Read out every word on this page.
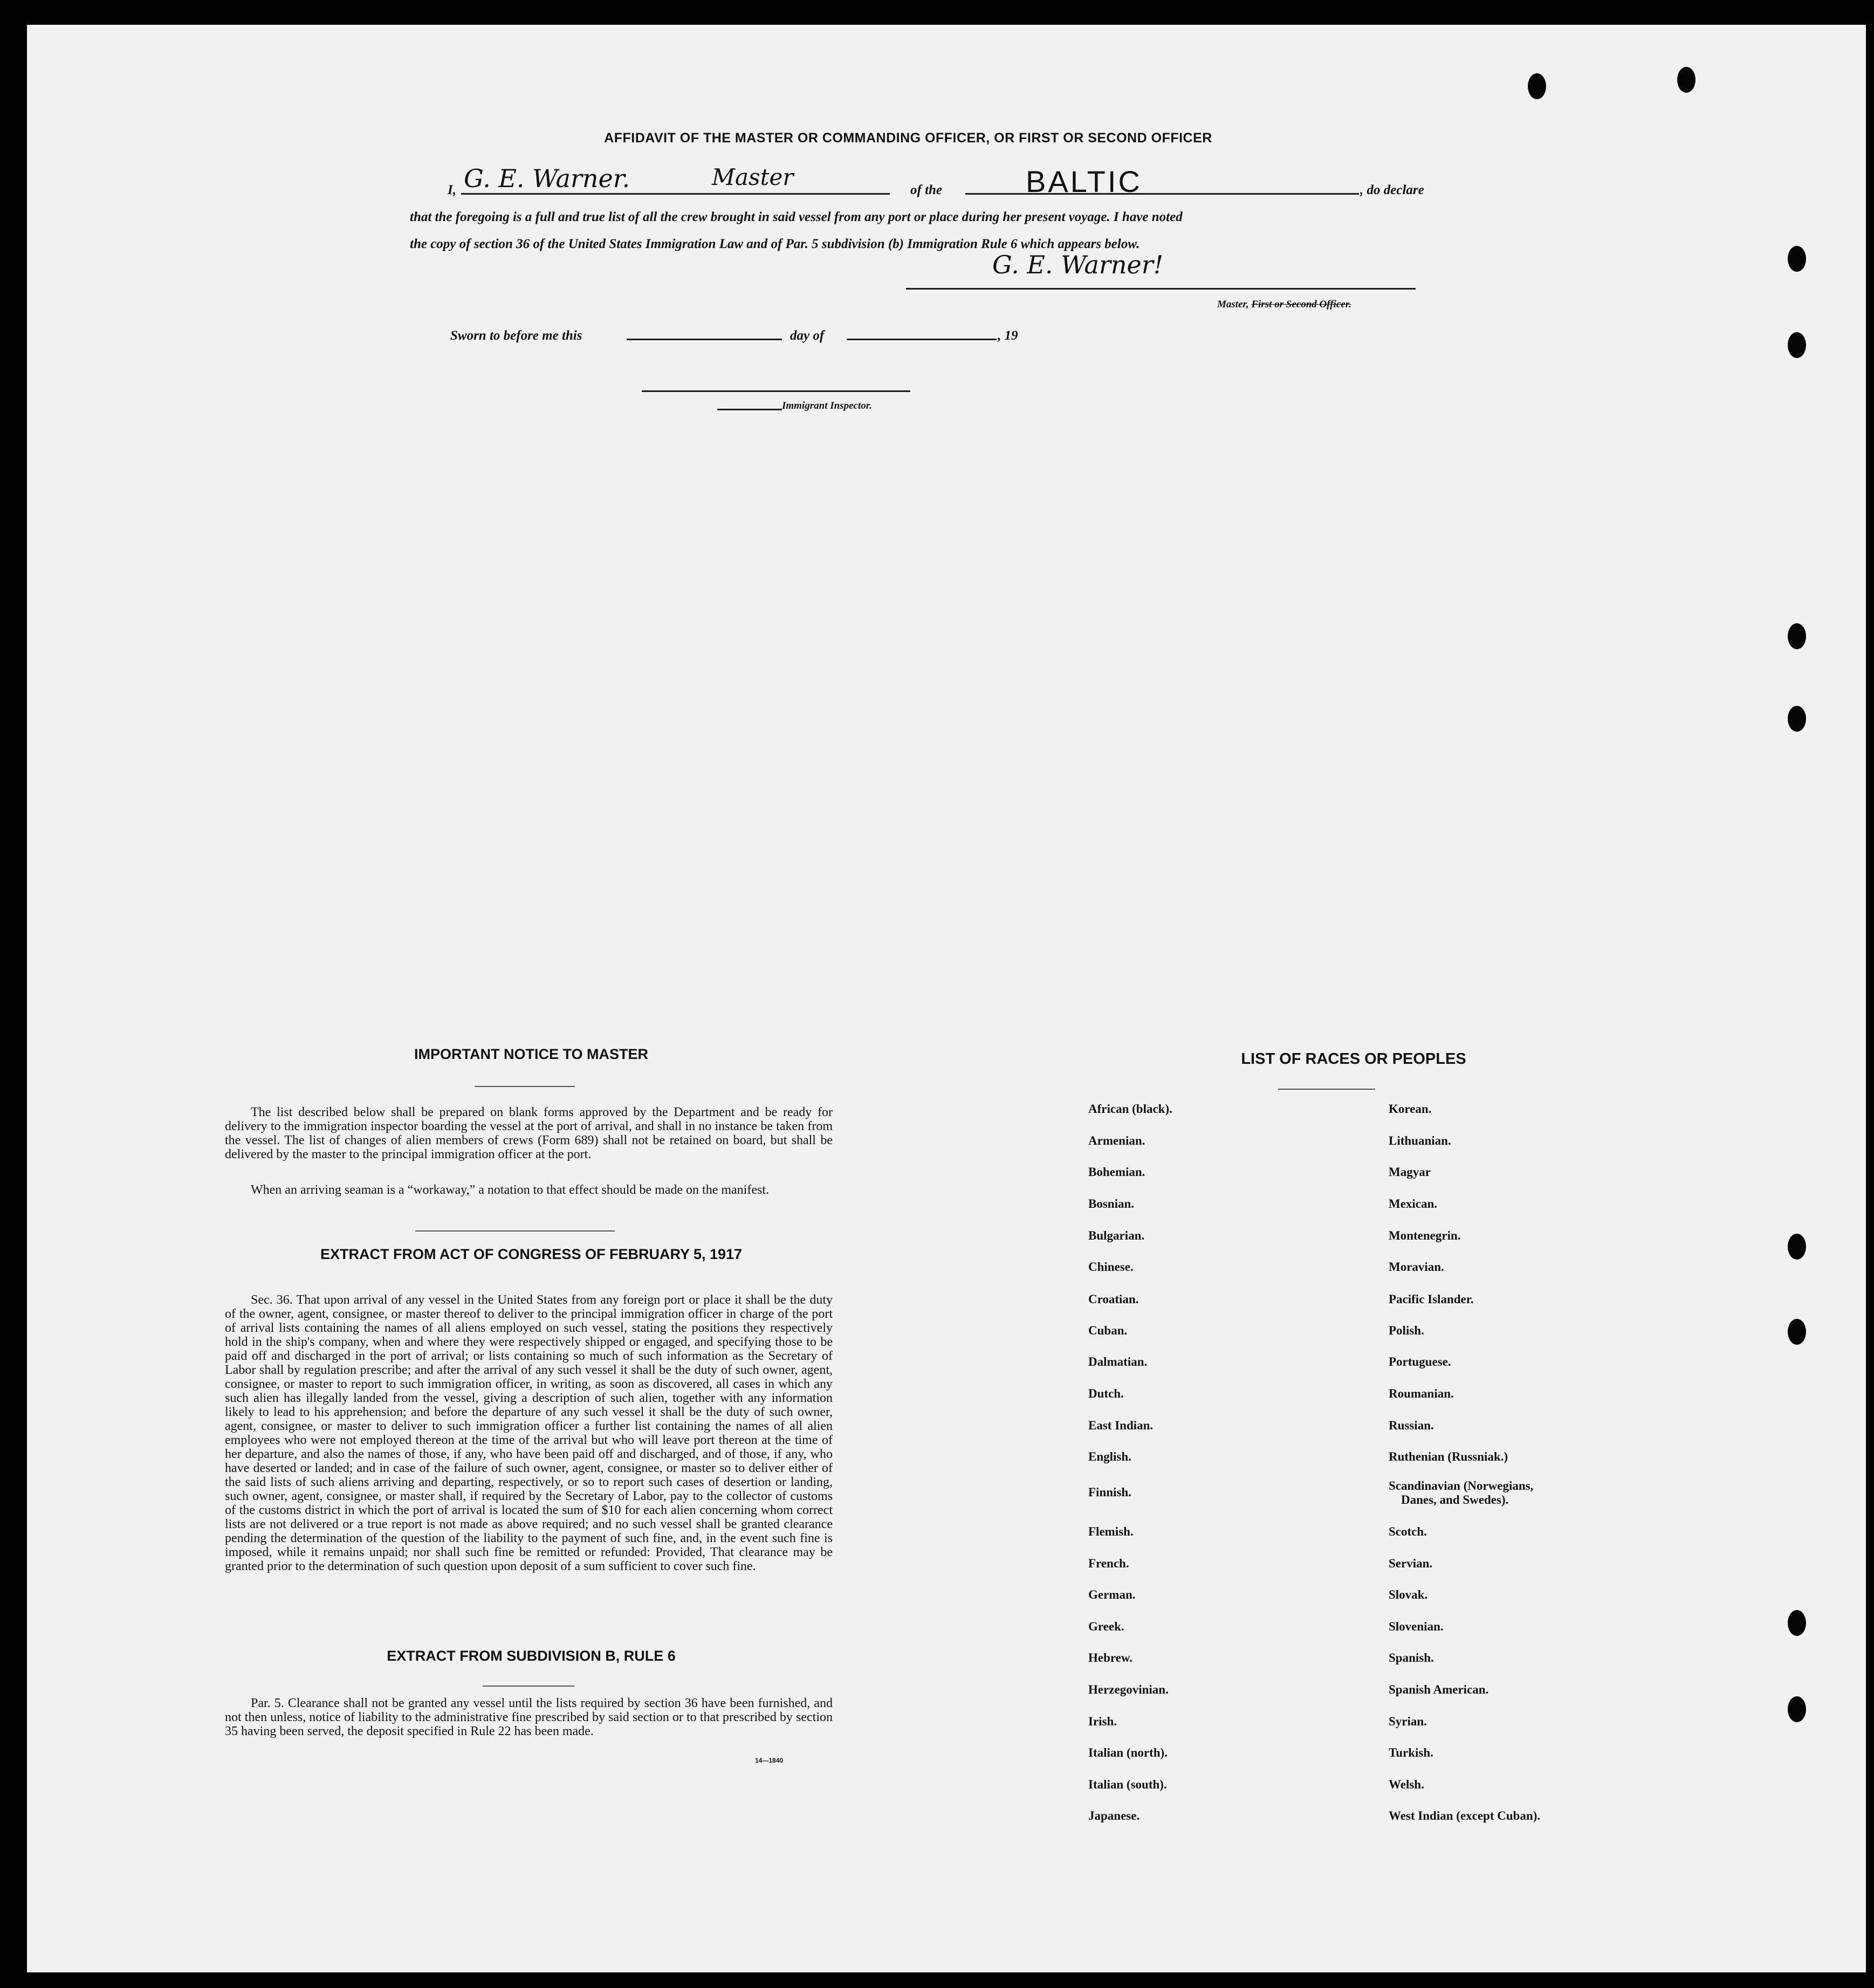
AFFIDAVIT OF THE MASTER OR COMMANDING OFFICER, OR FIRST OR SECOND OFFICER
I, G. E. Warner.	Master	of the	BALTIC	, do declare
that the foregoing is a full and true list of all the crew brought in said vessel from any port or place during her present voyage. I have noted
the copy of section 36 of the United States Immigration Law and of Par. 5 subdivision (b) Immigration Rule 6 which appears below.
G. E. Warner!
Master, First or Second Officer.
Sworn to before me this	day of	, 19
Immigrant Inspector.
IMPORTANT NOTICE TO MASTER
The list described below shall be prepared on blank forms approved by the Department and be ready for delivery to the immigration inspector boarding the vessel at the port of arrival, and shall in no instance be taken from the vessel. The list of changes of alien members of crews (Form 689) shall not be retained on board, but shall be delivered by the master to the principal immigration officer at the port.
When an arriving seaman is a “workaway,” a notation to that effect should be made on the manifest.
EXTRACT FROM ACT OF CONGRESS OF FEBRUARY 5, 1917
Sec. 36. That upon arrival of any vessel in the United States from any foreign port or place it shall be the duty of the owner, agent, consignee, or master thereof to deliver to the principal immigration officer in charge of the port of arrival lists containing the names of all aliens employed on such vessel, stating the positions they respectively hold in the ship's company, when and where they were respectively shipped or engaged, and specifying those to be paid off and discharged in the port of arrival; or lists containing so much of such information as the Secretary of Labor shall by regulation prescribe; and after the arrival of any such vessel it shall be the duty of such owner, agent, consignee, or master to report to such immigration officer, in writing, as soon as discovered, all cases in which any such alien has illegally landed from the vessel, giving a description of such alien, together with any information likely to lead to his apprehension; and before the departure of any such vessel it shall be the duty of such owner, agent, consignee, or master to deliver to such immigration officer a further list containing the names of all alien employees who were not employed thereon at the time of the arrival but who will leave port thereon at the time of her departure, and also the names of those, if any, who have been paid off and discharged, and of those, if any, who have deserted or landed; and in case of the failure of such owner, agent, consignee, or master so to deliver either of the said lists of such aliens arriving and departing, respectively, or so to report such cases of desertion or landing, such owner, agent, consignee, or master shall, if required by the Secretary of Labor, pay to the collector of customs of the customs district in which the port of arrival is located the sum of $10 for each alien concerning whom correct lists are not delivered or a true report is not made as above required; and no such vessel shall be granted clearance pending the determination of the question of the liability to the payment of such fine, and, in the event such fine is imposed, while it remains unpaid; nor shall such fine be remitted or refunded: Provided, That clearance may be granted prior to the determination of such question upon deposit of a sum sufficient to cover such fine.
EXTRACT FROM SUBDIVISION B, RULE 6
Par. 5. Clearance shall not be granted any vessel until the lists required by section 36 have been furnished, and not then unless, notice of liability to the administrative fine prescribed by said section or to that prescribed by section 35 having been served, the deposit specified in Rule 22 has been made.
14—1840
LIST OF RACES OR PEOPLES
African (black).
Armenian.
Bohemian.
Bosnian.
Bulgarian.
Chinese.
Croatian.
Cuban.
Dalmatian.
Dutch.
East Indian.
English.
Finnish.
Flemish.
French.
German.
Greek.
Hebrew.
Herzegovinian.
Irish.
Italian (north).
Italian (south).
Japanese.
Korean.
Lithuanian.
Magyar
Mexican.
Montenegrin.
Moravian.
Pacific Islander.
Polish.
Portuguese.
Roumanian.
Russian.
Ruthenian (Russniak.)
Scandinavian (Norwegians,
Danes, and Swedes).
Scotch.
Servian.
Slovak.
Slovenian.
Spanish.
Spanish American.
Syrian.
Turkish.
Welsh.
West Indian (except Cuban).
